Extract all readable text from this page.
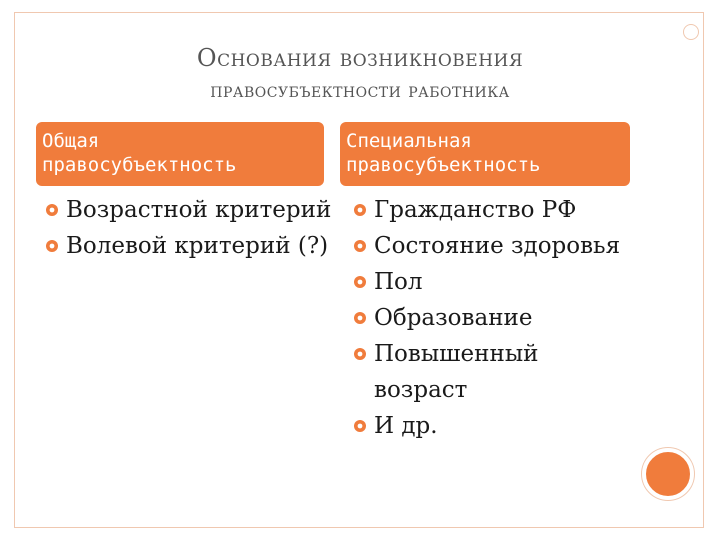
Основания возникновения
правосубъектности работника
Общая
правосубъектность
Специальная
правосубъектность
Возрастной критерий
Волевой критерий (?)
Гражданство РФ
Состояние здоровья
Пол
Образование
Повышенный возраст
И др.
